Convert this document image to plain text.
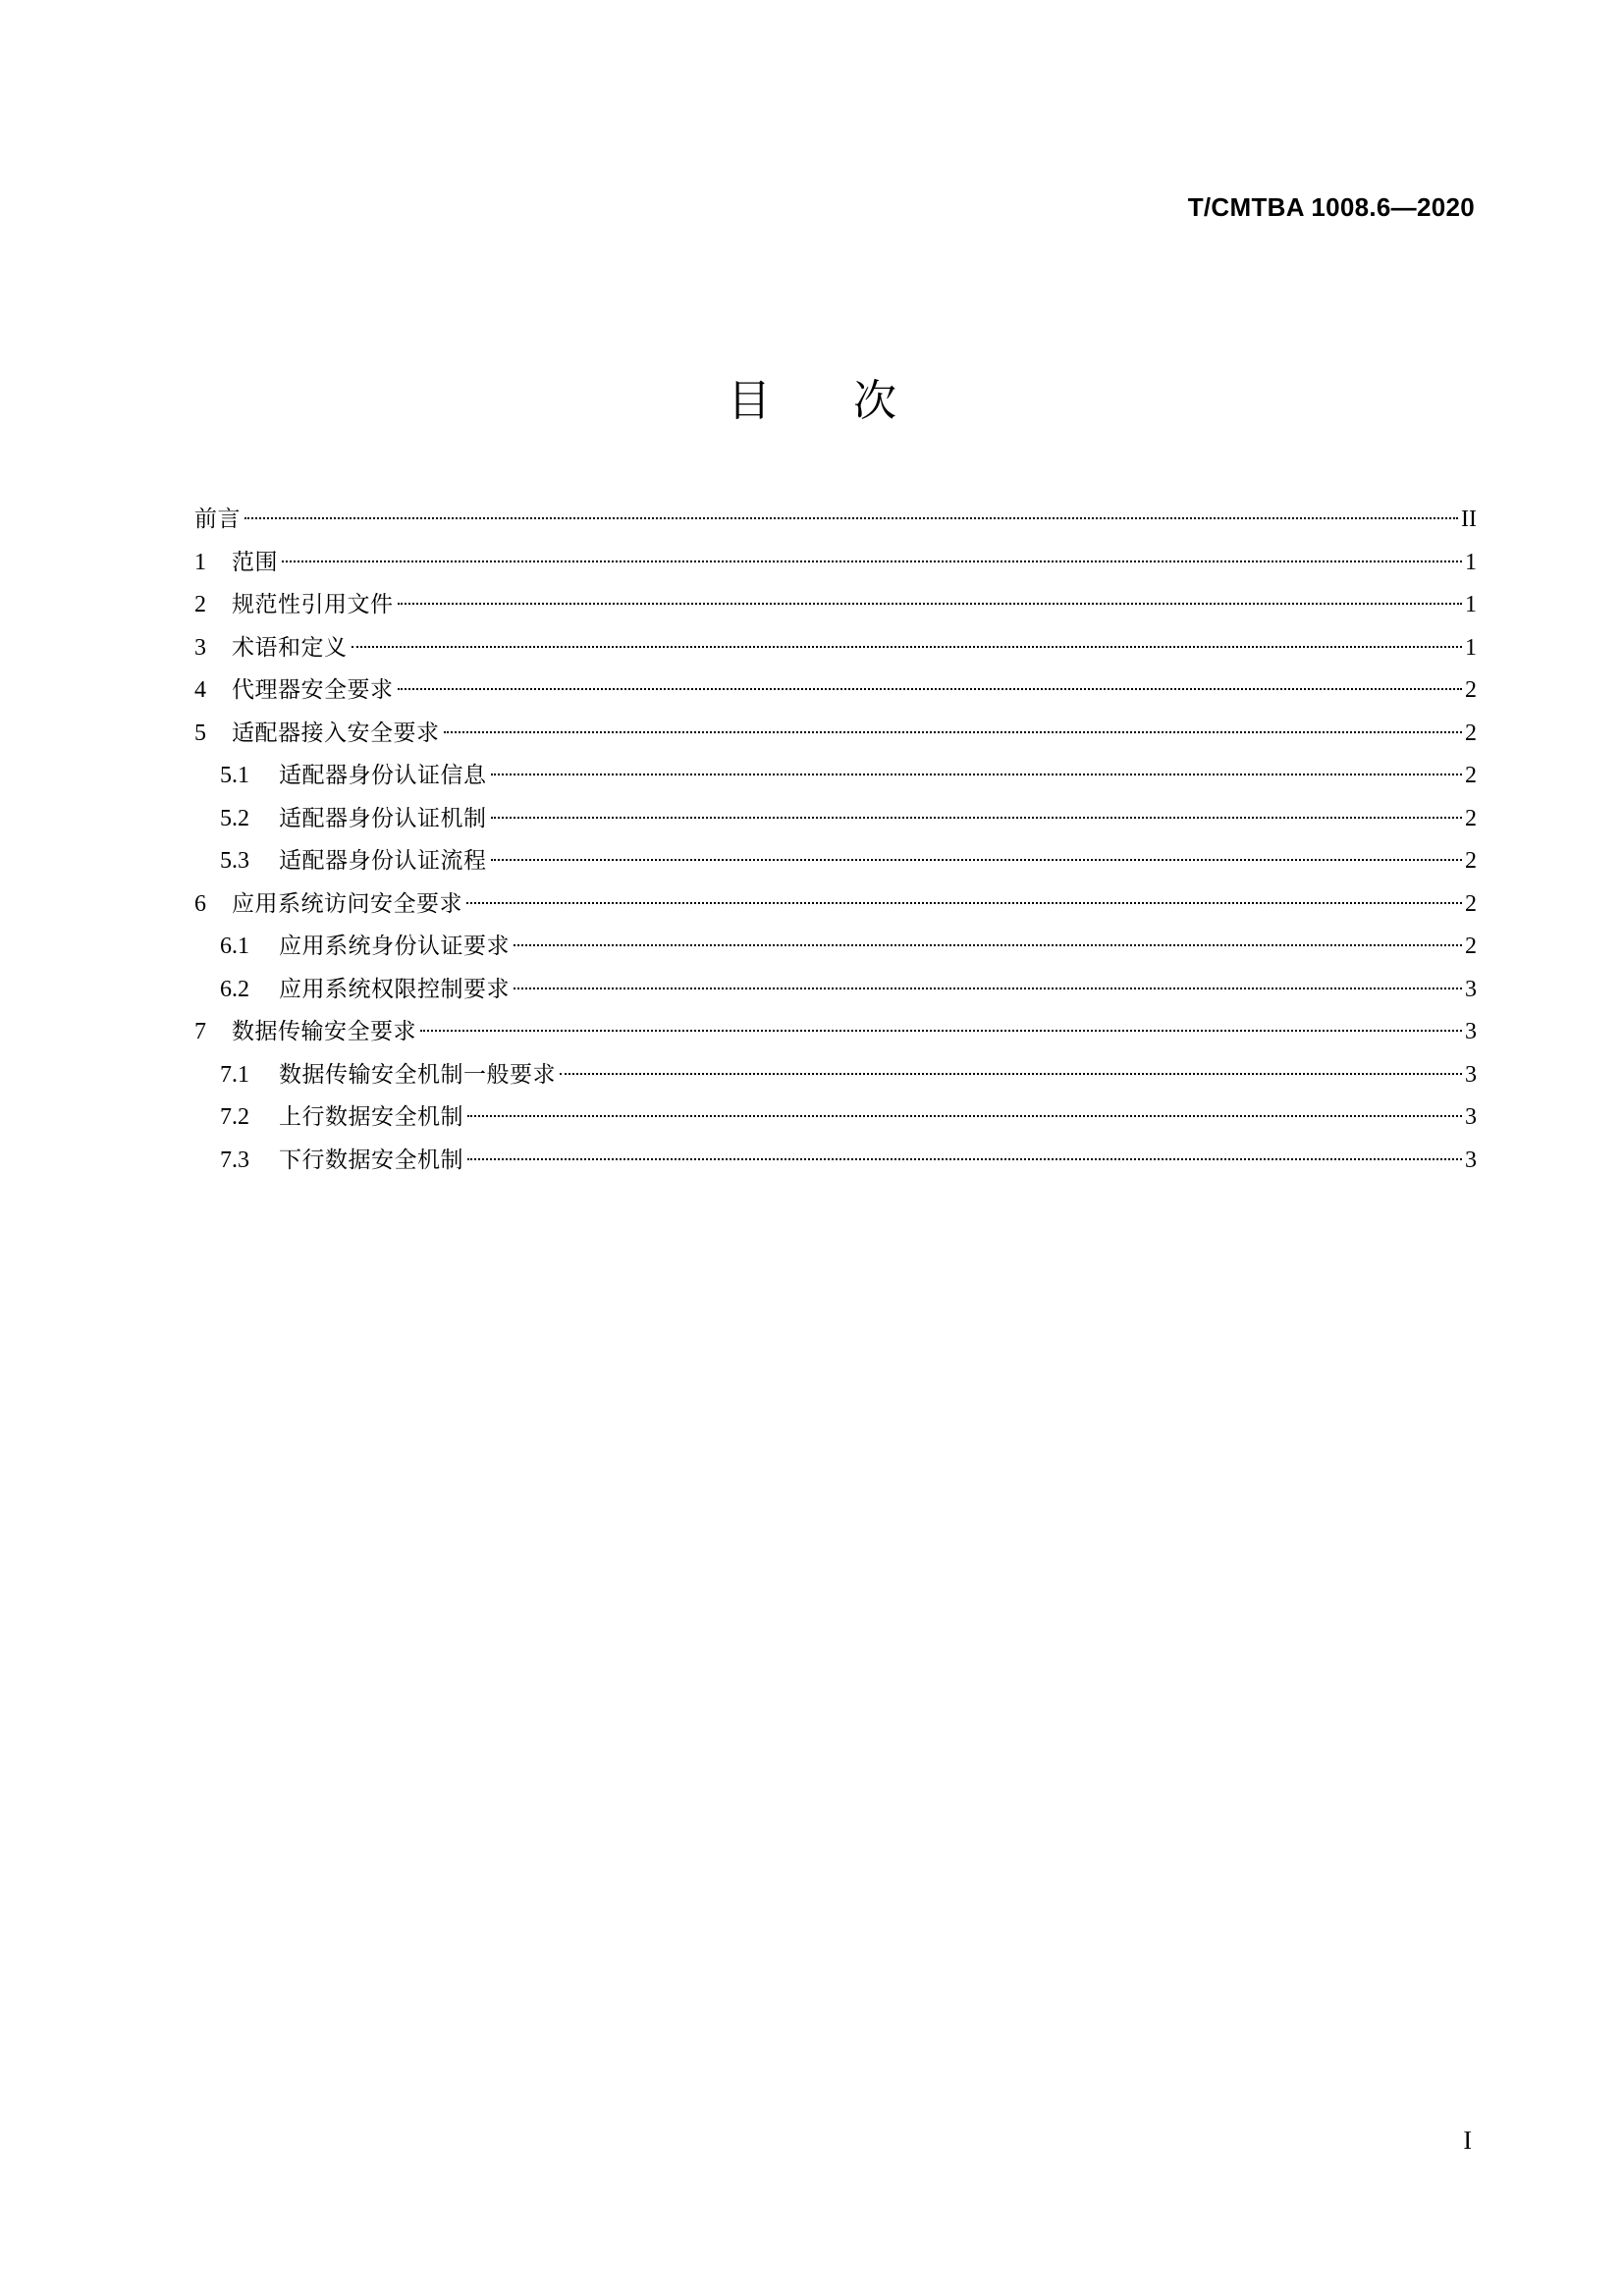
T/CMTBA 1008.6—2020
目次
前言	II
1	范围	1
2	规范性引用文件	1
3	术语和定义	1
4	代理器安全要求	2
5	适配器接入安全要求	2
5.1	适配器身份认证信息	2
5.2	适配器身份认证机制	2
5.3	适配器身份认证流程	2
6	应用系统访问安全要求	2
6.1	应用系统身份认证要求	2
6.2	应用系统权限控制要求	3
7	数据传输安全要求	3
7.1	数据传输安全机制一般要求	3
7.2	上行数据安全机制	3
7.3	下行数据安全机制	3
I
